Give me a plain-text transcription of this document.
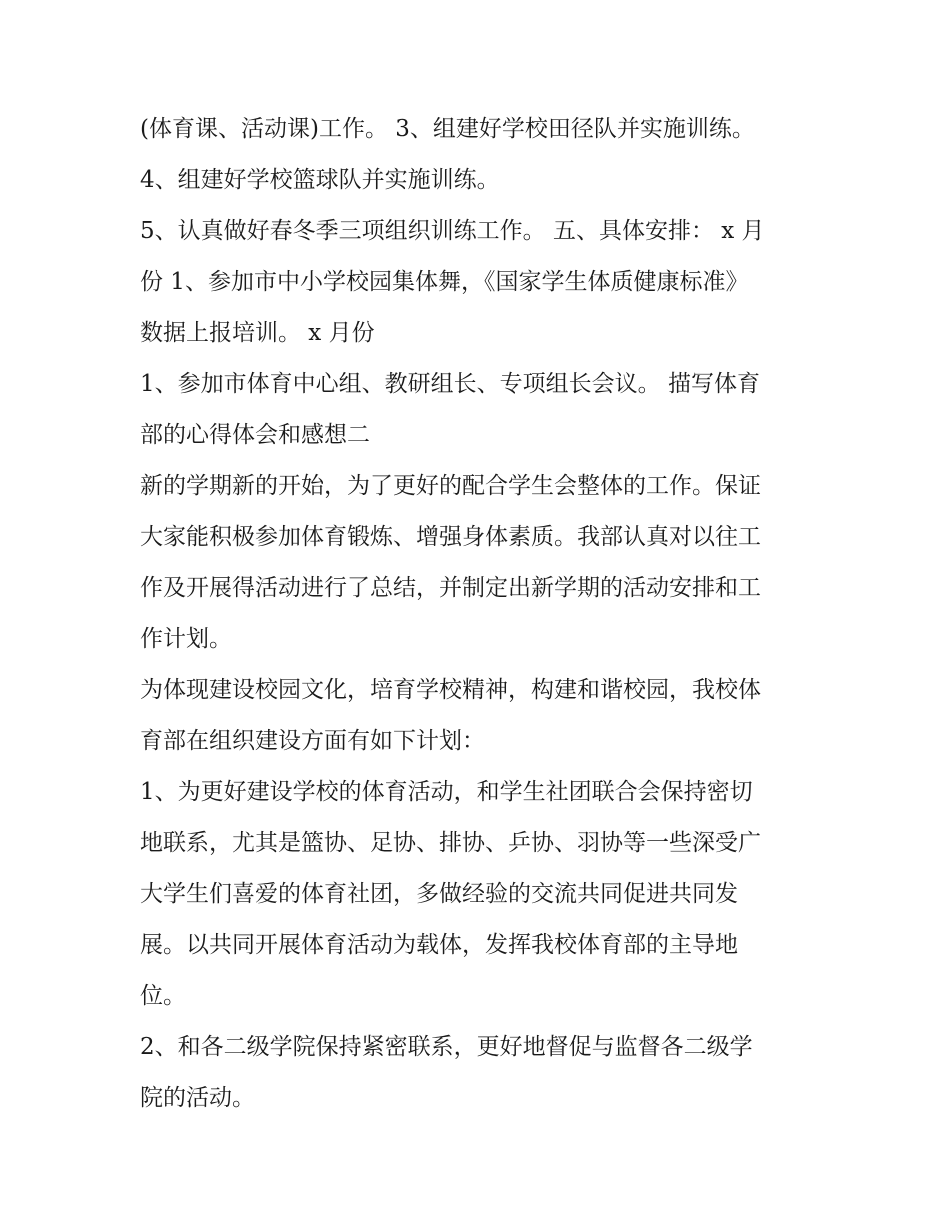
(体育课、活动课)工作。 3、组建好学校田径队并实施训练。
4、组建好学校篮球队并实施训练。
5、认真做好春冬季三项组织训练工作。 五、具体安排： x 月
份 1、参加市中小学校园集体舞，《国家学生体质健康标准》
数据上报培训。 x 月份
1、参加市体育中心组、教研组长、专项组长会议。 描写体育
部的心得体会和感想二
新的学期新的开始，为了更好的配合学生会整体的工作。保证
大家能积极参加体育锻炼、增强身体素质。我部认真对以往工
作及开展得活动进行了总结，并制定出新学期的活动安排和工
作计划。
为体现建设校园文化，培育学校精神，构建和谐校园，我校体
育部在组织建设方面有如下计划：
1、为更好建设学校的体育活动，和学生社团联合会保持密切
地联系，尤其是篮协、足协、排协、乒协、羽协等一些深受广
大学生们喜爱的体育社团，多做经验的交流共同促进共同发
展。以共同开展体育活动为载体，发挥我校体育部的主导地
位。
2、和各二级学院保持紧密联系，更好地督促与监督各二级学
院的活动。
